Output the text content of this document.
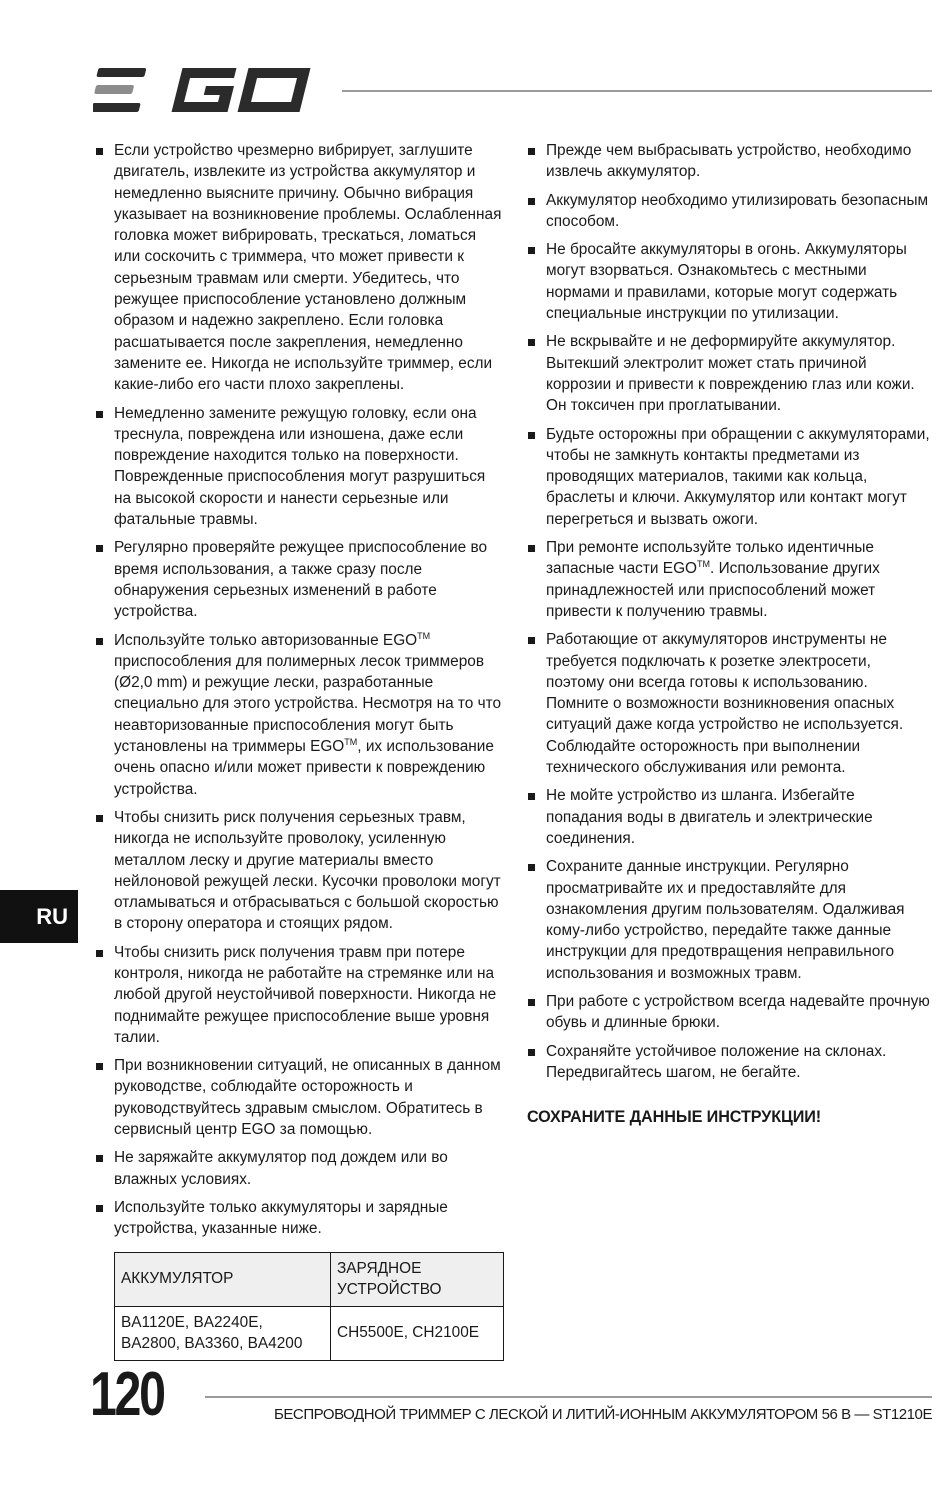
Если устройство чрезмерно вибрирует, заглушите двигатель, извлеките из устройства аккумулятор и немедленно выясните причину. Обычно вибрация указывает на возникновение проблемы. Ослабленная головка может вибрировать, трескаться, ломаться или соскочить с триммера, что может привести к серьезным травмам или смерти. Убедитесь, что режущее приспособление установлено должным образом и надежно закреплено. Если головка расшатывается после закрепления, немедленно замените ее. Никогда не используйте триммер, если какие-либо его части плохо закреплены.
Немедленно замените режущую головку, если она треснула, повреждена или изношена, даже если повреждение находится только на поверхности. Поврежденные приспособления могут разрушиться на высокой скорости и нанести серьезные или фатальные травмы.
Регулярно проверяйте режущее приспособление во время использования, а также сразу после обнаружения серьезных изменений в работе устройства.
Используйте только авторизованные EGO™ приспособления для полимерных лесок триммеров (Ø2,0 mm) и режущие лески, разработанные специально для этого устройства. Несмотря на то что неавторизованные приспособления могут быть установлены на триммеры EGO™, их использование очень опасно и/или может привести к повреждению устройства.
Чтобы снизить риск получения серьезных травм, никогда не используйте проволоку, усиленную металлом леску и другие материалы вместо нейлоновой режущей лески. Кусочки проволоки могут отламываться и отбрасываться с большой скоростью в сторону оператора и стоящих рядом.
Чтобы снизить риск получения травм при потере контроля, никогда не работайте на стремянке или на любой другой неустойчивой поверхности. Никогда не поднимайте режущее приспособление выше уровня талии.
При возникновении ситуаций, не описанных в данном руководстве, соблюдайте осторожность и руководствуйтесь здравым смыслом. Обратитесь в сервисный центр EGO за помощью.
Не заряжайте аккумулятор под дождем или во влажных условиях.
Используйте только аккумуляторы и зарядные устройства, указанные ниже.
АККУМУЛЯТОР	ЗАРЯДНОЕ УСТРОЙСТВО
BA1120E, BA2240E, BA2800, BA3360, BA4200	CH5500E, CH2100E
Прежде чем выбрасывать устройство, необходимо извлечь аккумулятор.
Аккумулятор необходимо утилизировать безопасным способом.
Не бросайте аккумуляторы в огонь. Аккумуляторы могут взорваться. Ознакомьтесь с местными нормами и правилами, которые могут содержать специальные инструкции по утилизации.
Не вскрывайте и не деформируйте аккумулятор. Вытекший электролит может стать причиной коррозии и привести к повреждению глаз или кожи. Он токсичен при проглатывании.
Будьте осторожны при обращении с аккумуляторами, чтобы не замкнуть контакты предметами из проводящих материалов, такими как кольца, браслеты и ключи. Аккумулятор или контакт могут перегреться и вызвать ожоги.
При ремонте используйте только идентичные запасные части EGO™. Использование других принадлежностей или приспособлений может привести к получению травмы.
Работающие от аккумуляторов инструменты не требуется подключать к розетке электросети, поэтому они всегда готовы к использованию. Помните о возможности возникновения опасных ситуаций даже когда устройство не используется. Соблюдайте осторожность при выполнении технического обслуживания или ремонта.
Не мойте устройство из шланга. Избегайте попадания воды в двигатель и электрические соединения.
Сохраните данные инструкции. Регулярно просматривайте их и предоставляйте для ознакомления другим пользователям. Одалживая кому-либо устройство, передайте также данные инструкции для предотвращения неправильного использования и возможных травм.
При работе с устройством всегда надевайте прочную обувь и длинные брюки.
Сохраняйте устойчивое положение на склонах. Передвигайтесь шагом, не бегайте.
СОХРАНИТЕ ДАННЫЕ ИНСТРУКЦИИ!
RU
120	БЕСПРОВОДНОЙ ТРИММЕР С ЛЕСКОЙ И ЛИТИЙ-ИОННЫМ АККУМУЛЯТОРОМ 56 В — ST1210E
